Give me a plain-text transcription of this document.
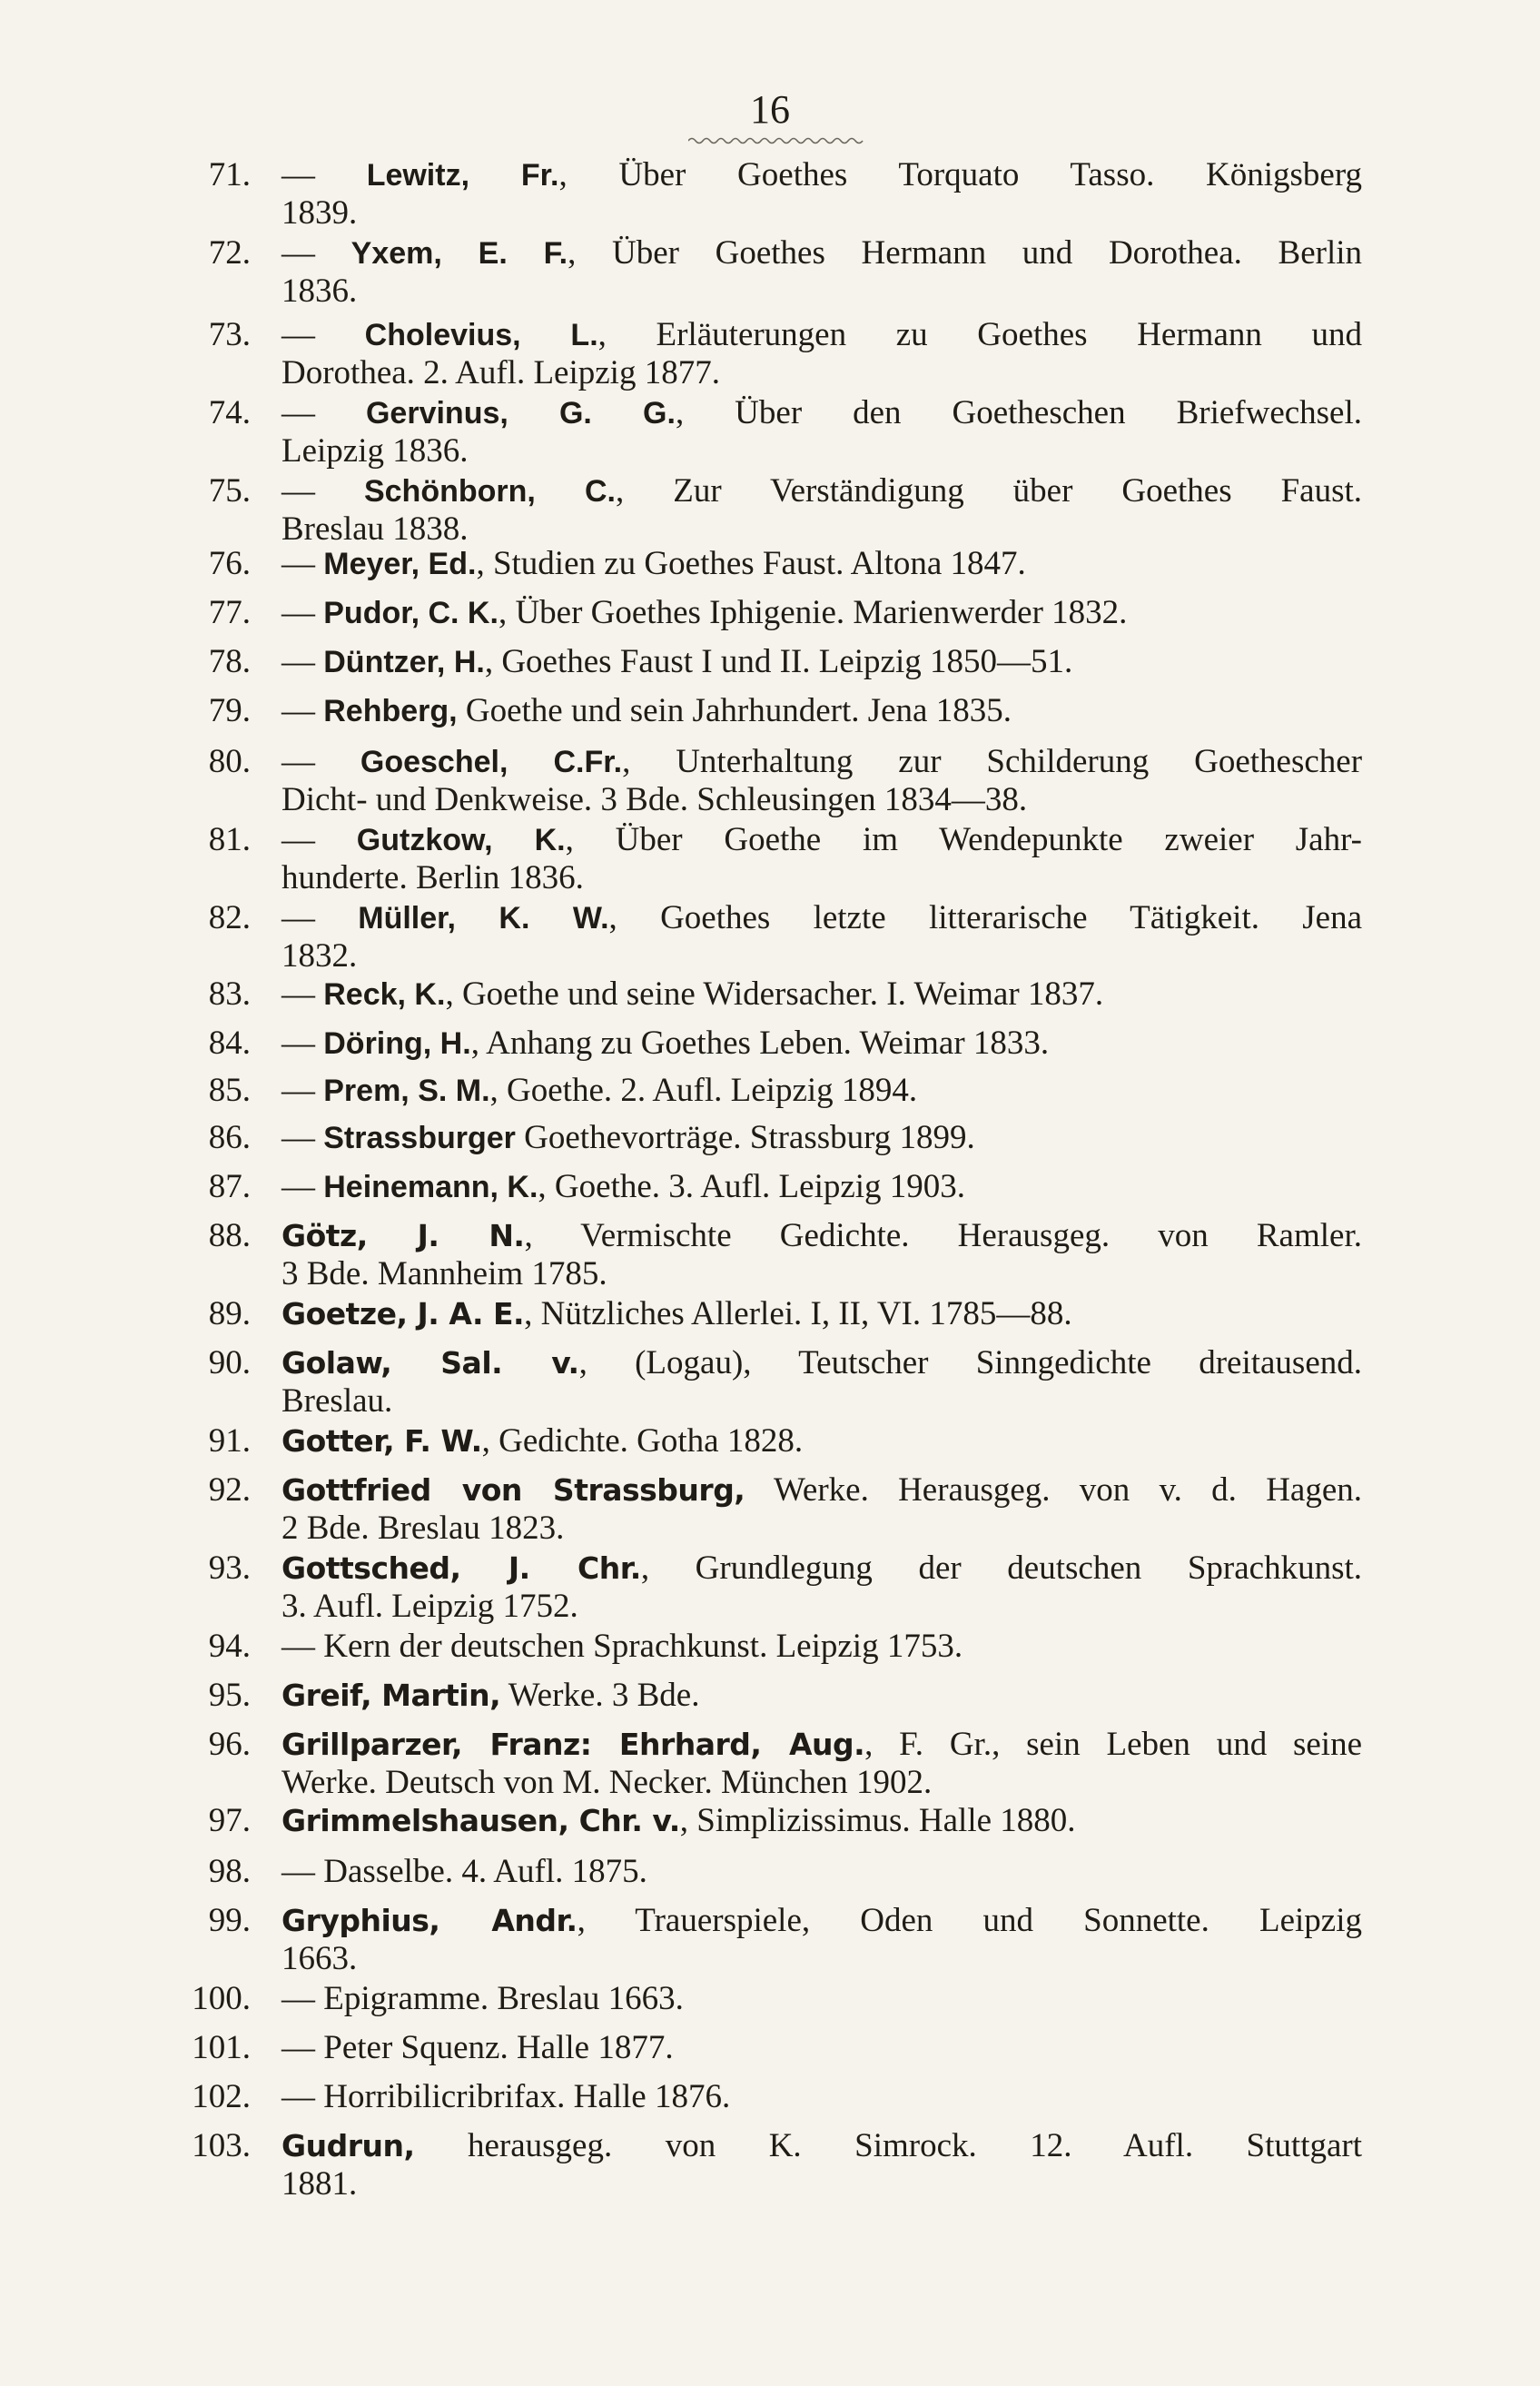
16
71. — Lewitz, Fr., Über Goethes Torquato Tasso. Königsberg
1839.
72. — Yxem, E. F., Über Goethes Hermann und Dorothea. Berlin
1836.
73. — Cholevius, L., Erläuterungen zu Goethes Hermann und
Dorothea. 2. Aufl. Leipzig 1877.
74. — Gervinus, G. G., Über den Goetheschen Briefwechsel.
Leipzig 1836.
75. — Schönborn, C., Zur Verständigung über Goethes Faust.
Breslau 1838.
76. — Meyer, Ed., Studien zu Goethes Faust. Altona 1847.
77. — Pudor, C. K., Über Goethes Iphigenie. Marienwerder 1832.
78. — Düntzer, H., Goethes Faust I und II. Leipzig 1850—51.
79. — Rehberg, Goethe und sein Jahrhundert. Jena 1835.
80. — Goeschel, C.Fr., Unterhaltung zur Schilderung Goethescher
Dicht- und Denkweise. 3 Bde. Schleusingen 1834—38.
81. — Gutzkow, K., Über Goethe im Wendepunkte zweier Jahr-
hunderte. Berlin 1836.
82. — Müller, K. W., Goethes letzte litterarische Tätigkeit. Jena
1832.
83. — Reck, K., Goethe und seine Widersacher. I. Weimar 1837.
84. — Döring, H., Anhang zu Goethes Leben. Weimar 1833.
85. — Prem, S. M., Goethe. 2. Aufl. Leipzig 1894.
86. — Strassburger Goethevorträge. Strassburg 1899.
87. — Heinemann, K., Goethe. 3. Aufl. Leipzig 1903.
88. Götz, J. N., Vermischte Gedichte. Herausgeg. von Ramler.
3 Bde. Mannheim 1785.
89. Goetze, J. A. E., Nützliches Allerlei. I, II, VI. 1785—88.
90. Golaw, Sal. v., (Logau), Teutscher Sinngedichte dreitausend.
Breslau.
91. Gotter, F. W., Gedichte. Gotha 1828.
92. Gottfried von Strassburg, Werke. Herausgeg. von v. d. Hagen.
2 Bde. Breslau 1823.
93. Gottsched, J. Chr., Grundlegung der deutschen Sprachkunst.
3. Aufl. Leipzig 1752.
94. — Kern der deutschen Sprachkunst. Leipzig 1753.
95. Greif, Martin, Werke. 3 Bde.
96. Grillparzer, Franz: Ehrhard, Aug., F. Gr., sein Leben und seine
Werke. Deutsch von M. Necker. München 1902.
97. Grimmelshausen, Chr. v., Simplizissimus. Halle 1880.
98. — Dasselbe. 4. Aufl. 1875.
99. Gryphius, Andr., Trauerspiele, Oden und Sonnette. Leipzig
1663.
100. — Epigramme. Breslau 1663.
101. — Peter Squenz. Halle 1877.
102. — Horribilicribrifax. Halle 1876.
103. Gudrun, herausgeg. von K. Simrock. 12. Aufl. Stuttgart
1881.
